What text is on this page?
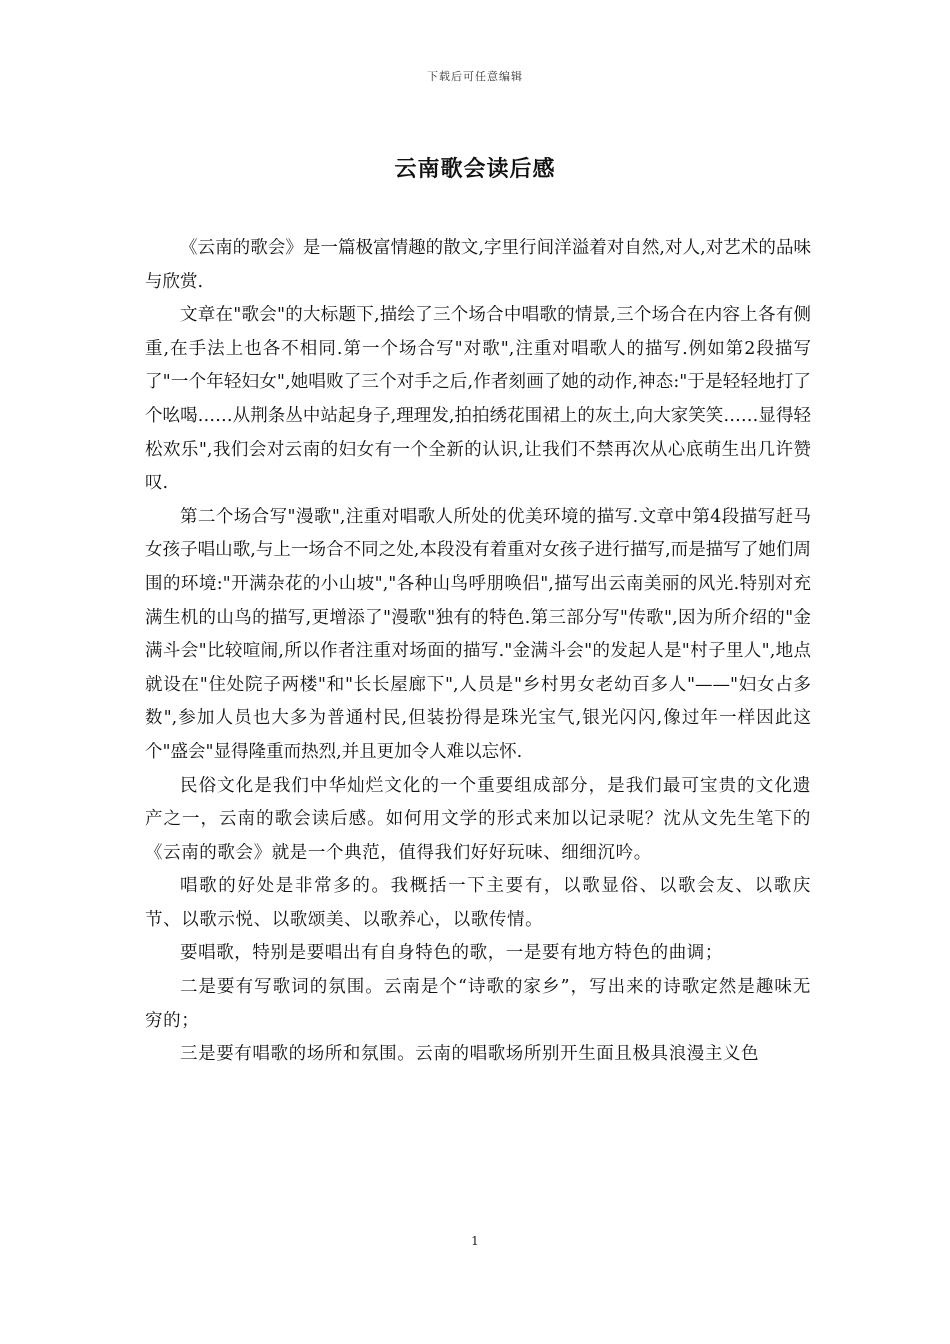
下载后可任意编辑
云南歌会读后感

《云南的歌会》是一篇极富情趣的散文,字里行间洋溢着对自然,对人,对艺术的品味与欣赏.

文章在"歌会"的大标题下,描绘了三个场合中唱歌的情景,三个场合在内容上各有侧重,在手法上也各不相同.第一个场合写"对歌",注重对唱歌人的描写.例如第2段描写了"一个年轻妇女",她唱败了三个对手之后,作者刻画了她的动作,神态:"于是轻轻地打了个吆喝……从荆条丛中站起身子,理理发,拍拍绣花围裙上的灰土,向大家笑笑……显得轻松欢乐",我们会对云南的妇女有一个全新的认识,让我们不禁再次从心底萌生出几许赞叹.

第二个场合写"漫歌",注重对唱歌人所处的优美环境的描写.文章中第4段描写赶马女孩子唱山歌,与上一场合不同之处,本段没有着重对女孩子进行描写,而是描写了她们周围的环境:"开满杂花的小山坡","各种山鸟呼朋唤侣",描写出云南美丽的风光.特别对充满生机的山鸟的描写,更增添了"漫歌"独有的特色.第三部分写"传歌",因为所介绍的"金满斗会"比较喧闹,所以作者注重对场面的描写."金满斗会"的发起人是"村子里人",地点就设在"住处院子两楼"和"长长屋廊下",人员是"乡村男女老幼百多人"——"妇女占多数",参加人员也大多为普通村民,但装扮得是珠光宝气,银光闪闪,像过年一样因此这个"盛会"显得隆重而热烈,并且更加令人难以忘怀.

民俗文化是我们中华灿烂文化的一个重要组成部分，是我们最可宝贵的文化遗产之一，云南的歌会读后感。如何用文学的形式来加以记录呢？沈从文先生笔下的《云南的歌会》就是一个典范，值得我们好好玩味、细细沉吟。

唱歌的好处是非常多的。我概括一下主要有，以歌显俗、以歌会友、以歌庆节、以歌示悦、以歌颂美、以歌养心，以歌传情。

要唱歌，特别是要唱出有自身特色的歌，一是要有地方特色的曲调；

二是要有写歌词的氛围。云南是个“诗歌的家乡”，写出来的诗歌定然是趣味无穷的；

三是要有唱歌的场所和氛围。云南的唱歌场所别开生面且极具浪漫主义色

1
